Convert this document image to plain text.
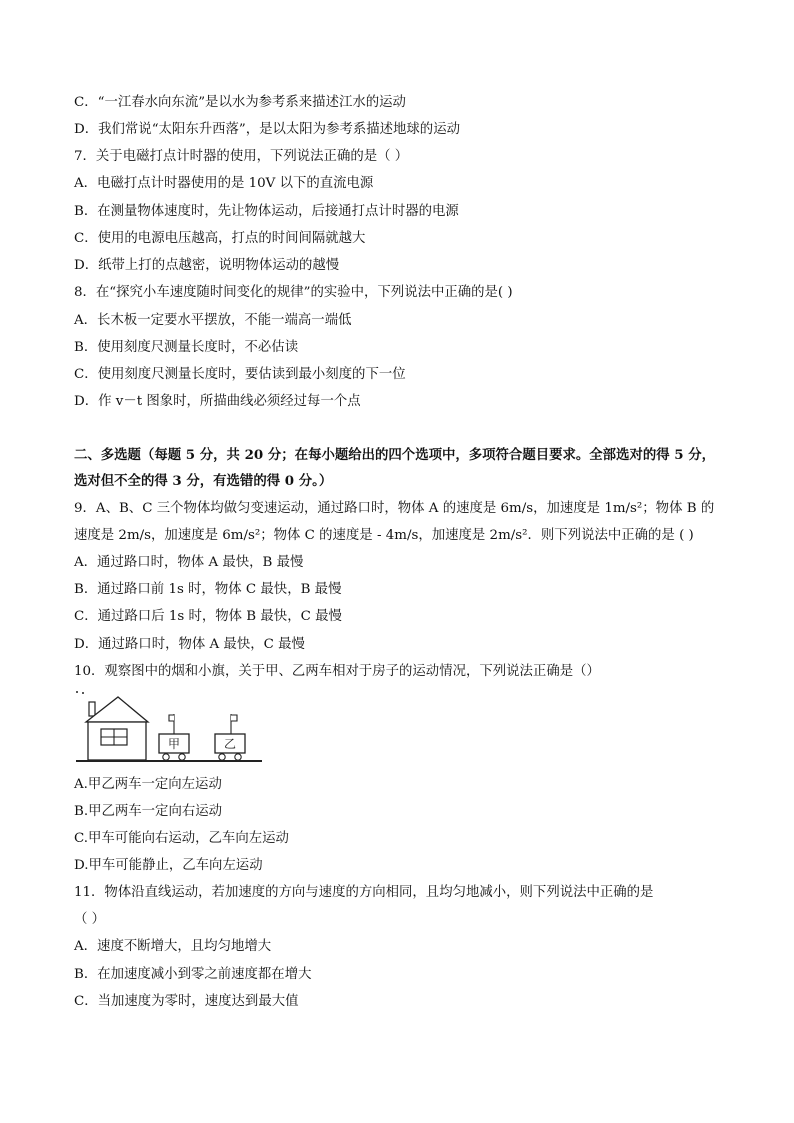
C．“一江春水向东流”是以水为参考系来描述江水的运动
D．我们常说“太阳东升西落”，是以太阳为参考系描述地球的运动
7．关于电磁打点计时器的使用，下列说法正确的是（ ）
A．电磁打点计时器使用的是 10V 以下的直流电源
B．在测量物体速度时，先让物体运动，后接通打点计时器的电源
C．使用的电源电压越高，打点的时间间隔就越大
D．纸带上打的点越密，说明物体运动的越慢
8．在“探究小车速度随时间变化的规律”的实验中，下列说法中正确的是( )
A．长木板一定要水平摆放，不能一端高一端低
B．使用刻度尺测量长度时，不必估读
C．使用刻度尺测量长度时，要估读到最小刻度的下一位
D．作 v－t 图象时，所描曲线必须经过每一个点
二、多选题（每题 5 分，共 20 分；在每小题给出的四个选项中，多项符合题目要求。全部选对的得 5 分，
选对但不全的得 3 分，有选错的得 0 分。）
9．A、B、C 三个物体均做匀变速运动，通过路口时，物体 A 的速度是 6m/s，加速度是 1m/s²；物体 B 的
速度是 2m/s，加速度是 6m/s²；物体 C 的速度是 - 4m/s，加速度是 2m/s²．则下列说法中正确的是 ( )
A．通过路口时，物体 A 最快，B 最慢
B．通过路口前 1s 时，物体 C 最快，B 最慢
C．通过路口后 1s 时，物体 B 最快，C 最慢
D．通过路口时，物体 A 最快，C 最慢
10．观察图中的烟和小旗，关于甲、乙两车相对于房子的运动情况，下列说法正确是（）
甲	乙
A.甲乙两车一定向左运动
B.甲乙两车一定向右运动
C.甲车可能向右运动，乙车向左运动
D.甲车可能静止，乙车向左运动
11．物体沿直线运动，若加速度的方向与速度的方向相同，且均匀地减小，则下列说法中正确的是
（ ）
A．速度不断增大，且均匀地增大
B．在加速度减小到零之前速度都在增大
C．当加速度为零时，速度达到最大值
